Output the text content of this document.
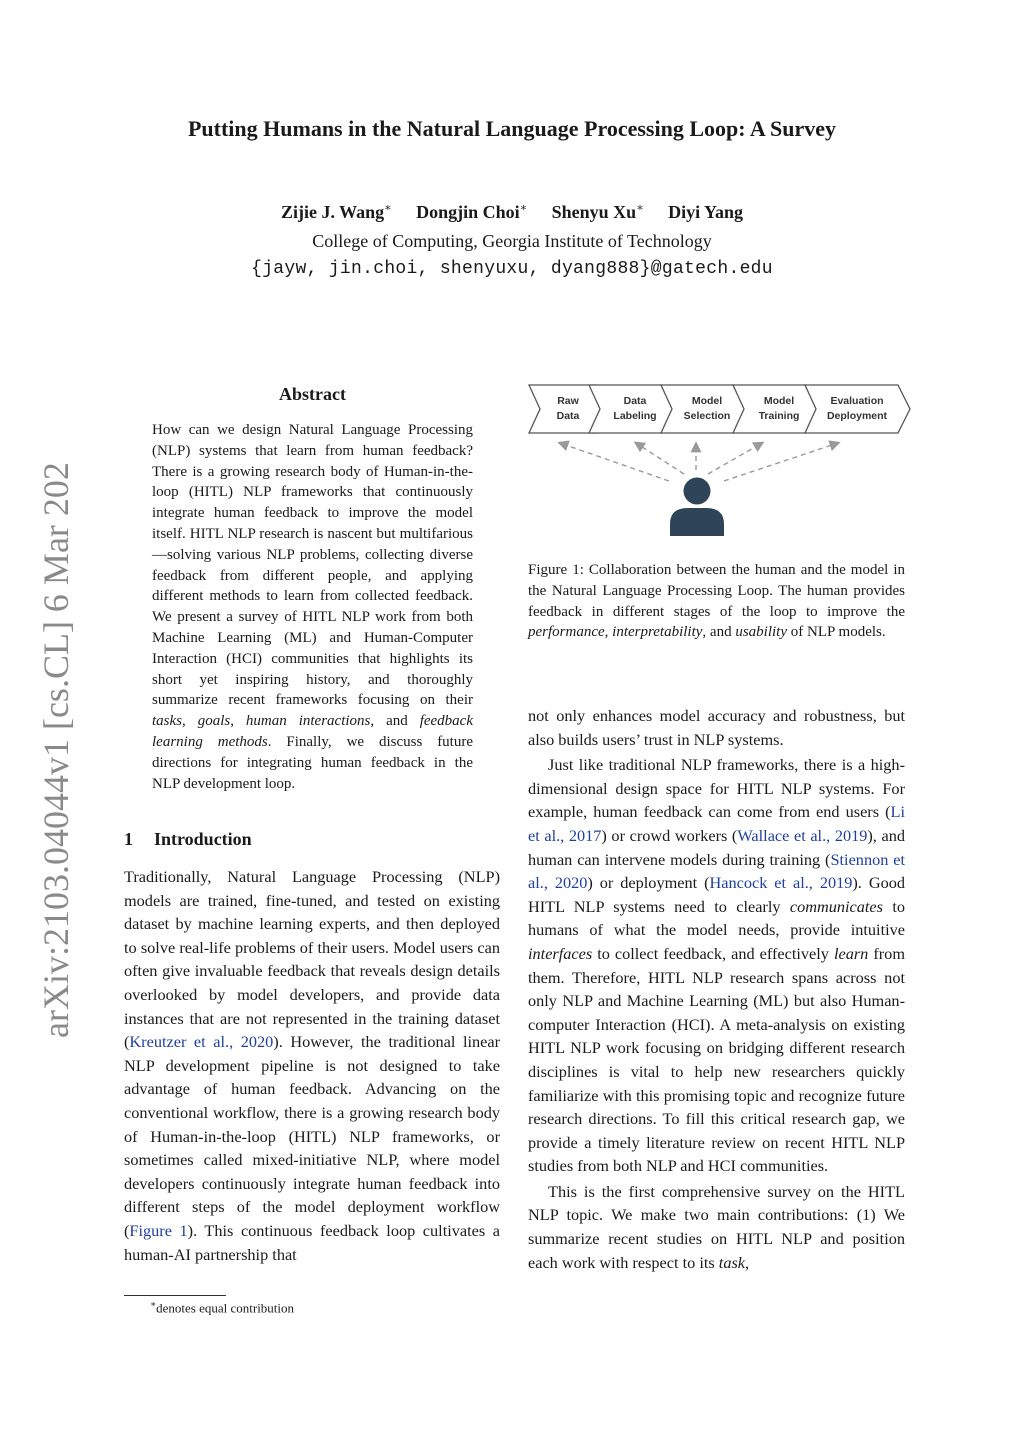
arXiv:2103.04044v1 [cs.CL] 6 Mar 2021
Putting Humans in the Natural Language Processing Loop: A Survey
Zijie J. Wang∗ Dongjin Choi∗ Shenyu Xu∗ Diyi Yang
College of Computing, Georgia Institute of Technology
{jayw, jin.choi, shenyuxu, dyang888}@gatech.edu
Abstract
How can we design Natural Language Processing (NLP) systems that learn from human feedback? There is a growing research body of Human-in-the-loop (HITL) NLP frameworks that continuously integrate human feedback to improve the model itself. HITL NLP research is nascent but multifarious—solving various NLP problems, collecting diverse feedback from different people, and applying different methods to learn from collected feedback. We present a survey of HITL NLP work from both Machine Learning (ML) and Human-Computer Interaction (HCI) communities that highlights its short yet inspiring history, and thoroughly summarize recent frameworks focusing on their tasks, goals, human interactions, and feedback learning methods. Finally, we discuss future directions for integrating human feedback in the NLP development loop.
1 Introduction
Traditionally, Natural Language Processing (NLP) models are trained, fine-tuned, and tested on existing dataset by machine learning experts, and then deployed to solve real-life problems of their users. Model users can often give invaluable feedback that reveals design details overlooked by model developers, and provide data instances that are not represented in the training dataset (Kreutzer et al., 2020). However, the traditional linear NLP development pipeline is not designed to take advantage of human feedback. Advancing on the conventional workflow, there is a growing research body of Human-in-the-loop (HITL) NLP frameworks, or sometimes called mixed-initiative NLP, where model developers continuously integrate human feedback into different steps of the model deployment workflow (Figure 1). This continuous feedback loop cultivates a human-AI partnership that
∗denotes equal contribution
Raw
Data
Data
Labeling
Model
Selection
Model
Training
Evaluation
Deployment
Figure 1: Collaboration between the human and the model in the Natural Language Processing Loop. The human provides feedback in different stages of the loop to improve the performance, interpretability, and usability of NLP models.

not only enhances model accuracy and robustness, but also builds users’ trust in NLP systems.

Just like traditional NLP frameworks, there is a high-dimensional design space for HITL NLP systems. For example, human feedback can come from end users (Li et al., 2017) or crowd workers (Wallace et al., 2019), and human can intervene models during training (Stiennon et al., 2020) or deployment (Hancock et al., 2019). Good HITL NLP systems need to clearly communicates to humans of what the model needs, provide intuitive interfaces to collect feedback, and effectively learn from them. Therefore, HITL NLP research spans across not only NLP and Machine Learning (ML) but also Human-computer Interaction (HCI). A meta-analysis on existing HITL NLP work focusing on bridging different research disciplines is vital to help new researchers quickly familiarize with this promising topic and recognize future research directions. To fill this critical research gap, we provide a timely literature review on recent HITL NLP studies from both NLP and HCI communities.

This is the first comprehensive survey on the HITL NLP topic. We make two main contributions: (1) We summarize recent studies on HITL NLP and position each work with respect to its task,
